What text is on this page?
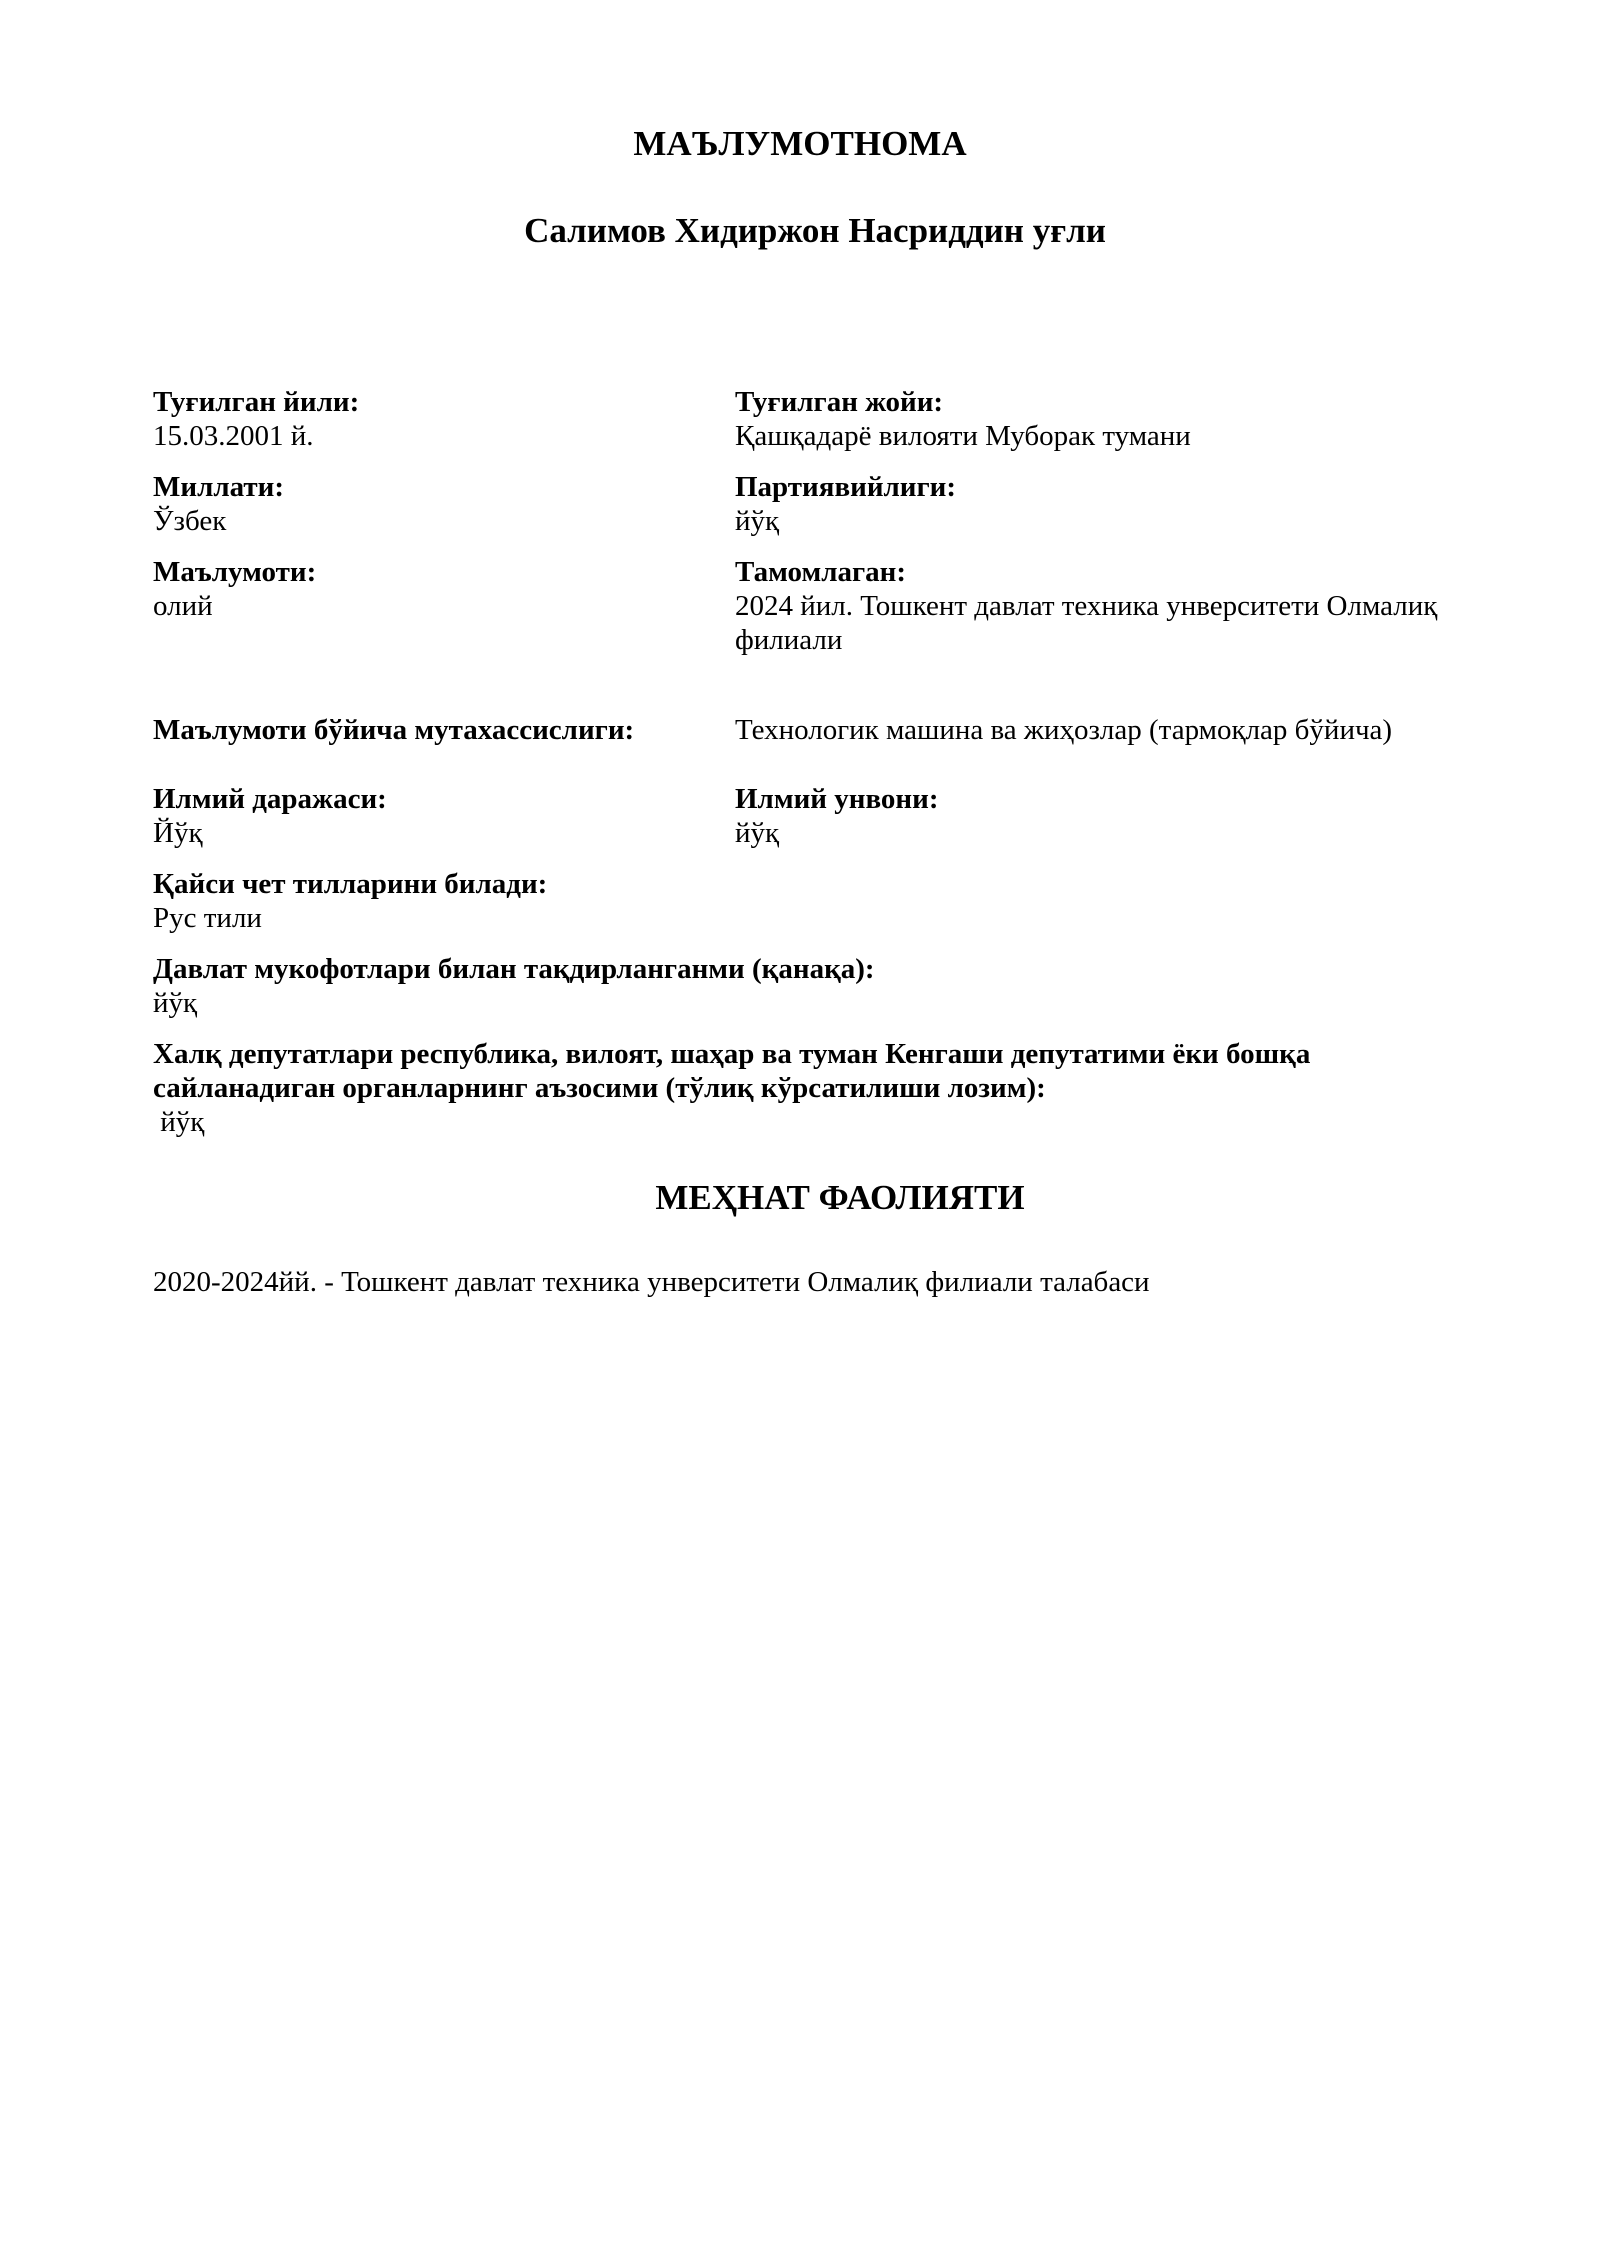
МАЪЛУМОТНОМА
Салимов Хидиржон Насриддин уғли
Туғилган йили:
15.03.2001 й.
Туғилган жойи:
Қашқадарё вилояти Муборак тумани
Миллати:
Ўзбек
Партиявийлиги:
йўқ
Маълумоти:
олий
Тамомлаган:
2024 йил. Тошкент давлат техника унверситети Олмалиқ филиали
Маълумоти бўйича мутахассислиги:	Технологик машина ва жиҳозлар (тармоқлар бўйича)
Илмий даражаси:
Йўқ
Илмий унвони:
йўқ
Қайси чет тилларини билади:
Рус тили
Давлат мукофотлари билан тақдирланганми (қанақа):
йўқ
Халқ депутатлари республика, вилоят, шаҳар ва туман Кенгаши депутатими ёки бошқа сайланадиган органларнинг аъзосими (тўлиқ кўрсатилиши лозим):
йўқ
МЕҲНАТ ФАОЛИЯТИ
2020-2024йй. - Тошкент давлат техника унверситети Олмалиқ филиали талабаси
